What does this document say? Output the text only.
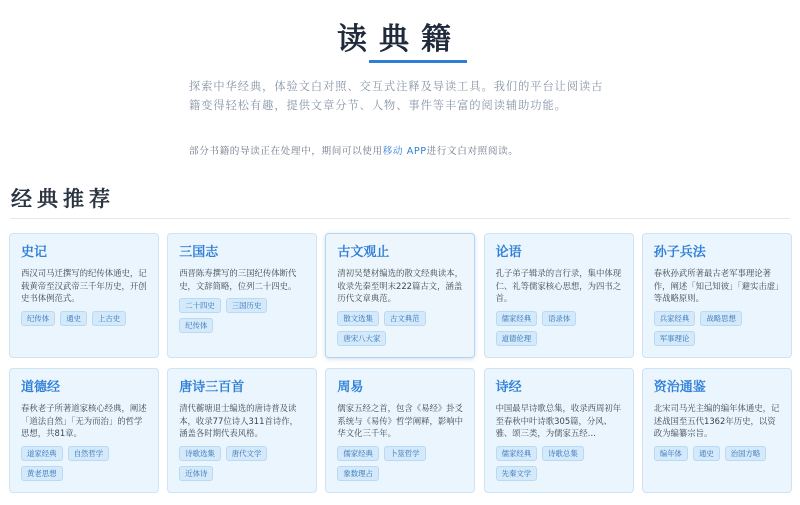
读典籍

探索中华经典，体验文白对照、交互式注释及导读工具。我们的平台让阅读古籍变得轻松有趣，提供文章分节、人物、事件等丰富的阅读辅助功能。

部分书籍的导读正在处理中，期间可以使用移动 APP进行文白对照阅读。

经典推荐
史记

西汉司马迁撰写的纪传体通史，记载黄帝至汉武帝三千年历史，开创史书体例范式。

纪传体	通史	上古史
三国志

西晋陈寿撰写的三国纪传体断代史，文辞简略，位列二十四史。

二十四史	三国历史
纪传体
古文观止

清初吴楚材编选的散文经典读本，收录先秦至明末222篇古文，涵盖历代文章典范。

散文选集	古文典范
唐宋八大家
论语

孔子弟子辑录的言行录，集中体现仁、礼等儒家核心思想，为四书之首。

儒家经典	语录体
道德伦理
孙子兵法

春秋孙武所著最古老军事理论著作，阐述「知己知彼」「避实击虚」等战略原则。

兵家经典	战略思想
军事理论
道德经

春秋老子所著道家核心经典，阐述「道法自然」「无为而治」的哲学思想，共81章。

道家经典	自然哲学
黄老思想
唐诗三百首

清代蘅塘退士编选的唐诗普及读本，收录77位诗人311首诗作，涵盖各时期代表风格。

诗歌选集	唐代文学
近体诗
周易

儒家五经之首，包含《易经》卦爻系统与《易传》哲学阐释，影响中华文化三千年。

儒家经典	卜筮哲学
象数理占
诗经

中国最早诗歌总集，收录西周初年至春秋中叶诗歌305篇，分风、雅、颂三类，为儒家五经…

儒家经典	诗歌总集
先秦文学
资治通鉴

北宋司马光主编的编年体通史，记述战国至五代1362年历史，以资政为编纂宗旨。

编年体	通史	治国方略
